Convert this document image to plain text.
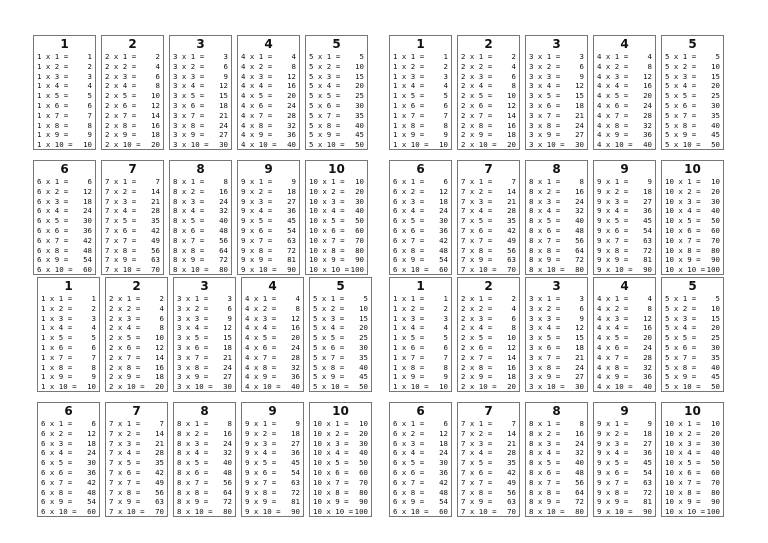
1
1 x 1 =	1
1 x 2 =	2
1 x 3 =	3
1 x 4 =	4
1 x 5 =	5
1 x 6 =	6
1 x 7 =	7
1 x 8 =	8
1 x 9 =	9
1 x 10 = 10
2
2 x 1 =	2
2 x 2 =	4
2 x 3 =	6
2 x 4 =	8
2 x 5 = 10
2 x 6 = 12
2 x 7 = 14
2 x 8 = 16
2 x 9 = 18
2 x 10 = 20
3
3 x 1 =	3
3 x 2 =	6
3 x 3 =	9
3 x 4 = 12
3 x 5 = 15
3 x 6 = 18
3 x 7 = 21
3 x 8 = 24
3 x 9 = 27
3 x 10 = 30
4
4 x 1 =	4
4 x 2 =	8
4 x 3 = 12
4 x 4 = 16
4 x 5 = 20
4 x 6 = 24
4 x 7 = 28
4 x 8 = 32
4 x 9 = 36
4 x 10 = 40
5
5 x 1 =	5
5 x 2 = 10
5 x 3 = 15
5 x 4 = 20
5 x 5 = 25
5 x 6 = 30
5 x 7 = 35
5 x 8 = 40
5 x 9 = 45
5 x 10 = 50
6
6 x 1 =	6
6 x 2 = 12
6 x 3 = 18
6 x 4 = 24
6 x 5 = 30
6 x 6 = 36
6 x 7 = 42
6 x 8 = 48
6 x 9 = 54
6 x 10 = 60
7
7 x 1 =	7
7 x 2 = 14
7 x 3 = 21
7 x 4 = 28
7 x 5 = 35
7 x 6 = 42
7 x 7 = 49
7 x 8 = 56
7 x 9 = 63
7 x 10 = 70
8
8 x 1 =	8
8 x 2 = 16
8 x 3 = 24
8 x 4 = 32
8 x 5 = 40
8 x 6 = 48
8 x 7 = 56
8 x 8 = 64
8 x 9 = 72
8 x 10 = 80
9
9 x 1 =	9
9 x 2 = 18
9 x 3 = 27
9 x 4 = 36
9 x 5 = 45
9 x 6 = 54
9 x 7 = 63
9 x 8 = 72
9 x 9 = 81
9 x 10 = 90
10
10 x 1 = 10
10 x 2 = 20
10 x 3 = 30
10 x 4 = 40
10 x 5 = 50
10 x 6 = 60
10 x 7 = 70
10 x 8 = 80
10 x 9 = 90
10 x 10 = 100
1
1 x 1 =	1
1 x 2 =	2
1 x 3 =	3
1 x 4 =	4
1 x 5 =	5
1 x 6 =	6
1 x 7 =	7
1 x 8 =	8
1 x 9 =	9
1 x 10 = 10
2
2 x 1 =	2
2 x 2 =	4
2 x 3 =	6
2 x 4 =	8
2 x 5 = 10
2 x 6 = 12
2 x 7 = 14
2 x 8 = 16
2 x 9 = 18
2 x 10 = 20
3
3 x 1 =	3
3 x 2 =	6
3 x 3 =	9
3 x 4 = 12
3 x 5 = 15
3 x 6 = 18
3 x 7 = 21
3 x 8 = 24
3 x 9 = 27
3 x 10 = 30
4
4 x 1 =	4
4 x 2 =	8
4 x 3 = 12
4 x 4 = 16
4 x 5 = 20
4 x 6 = 24
4 x 7 = 28
4 x 8 = 32
4 x 9 = 36
4 x 10 = 40
5
5 x 1 =	5
5 x 2 = 10
5 x 3 = 15
5 x 4 = 20
5 x 5 = 25
5 x 6 = 30
5 x 7 = 35
5 x 8 = 40
5 x 9 = 45
5 x 10 = 50
6
6 x 1 =	6
6 x 2 = 12
6 x 3 = 18
6 x 4 = 24
6 x 5 = 30
6 x 6 = 36
6 x 7 = 42
6 x 8 = 48
6 x 9 = 54
6 x 10 = 60
7
7 x 1 =	7
7 x 2 = 14
7 x 3 = 21
7 x 4 = 28
7 x 5 = 35
7 x 6 = 42
7 x 7 = 49
7 x 8 = 56
7 x 9 = 63
7 x 10 = 70
8
8 x 1 =	8
8 x 2 = 16
8 x 3 = 24
8 x 4 = 32
8 x 5 = 40
8 x 6 = 48
8 x 7 = 56
8 x 8 = 64
8 x 9 = 72
8 x 10 = 80
9
9 x 1 =	9
9 x 2 = 18
9 x 3 = 27
9 x 4 = 36
9 x 5 = 45
9 x 6 = 54
9 x 7 = 63
9 x 8 = 72
9 x 9 = 81
9 x 10 = 90
10
10 x 1 = 10
10 x 2 = 20
10 x 3 = 30
10 x 4 = 40
10 x 5 = 50
10 x 6 = 60
10 x 7 = 70
10 x 8 = 80
10 x 9 = 90
10 x 10 = 100
1
1 x 1 =	1
1 x 2 =	2
1 x 3 =	3
1 x 4 =	4
1 x 5 =	5
1 x 6 =	6
1 x 7 =	7
1 x 8 =	8
1 x 9 =	9
1 x 10 = 10
2
2 x 1 =	2
2 x 2 =	4
2 x 3 =	6
2 x 4 =	8
2 x 5 = 10
2 x 6 = 12
2 x 7 = 14
2 x 8 = 16
2 x 9 = 18
2 x 10 = 20
3
3 x 1 =	3
3 x 2 =	6
3 x 3 =	9
3 x 4 = 12
3 x 5 = 15
3 x 6 = 18
3 x 7 = 21
3 x 8 = 24
3 x 9 = 27
3 x 10 = 30
4
4 x 1 =	4
4 x 2 =	8
4 x 3 = 12
4 x 4 = 16
4 x 5 = 20
4 x 6 = 24
4 x 7 = 28
4 x 8 = 32
4 x 9 = 36
4 x 10 = 40
5
5 x 1 =	5
5 x 2 = 10
5 x 3 = 15
5 x 4 = 20
5 x 5 = 25
5 x 6 = 30
5 x 7 = 35
5 x 8 = 40
5 x 9 = 45
5 x 10 = 50
6
6 x 1 =	6
6 x 2 = 12
6 x 3 = 18
6 x 4 = 24
6 x 5 = 30
6 x 6 = 36
6 x 7 = 42
6 x 8 = 48
6 x 9 = 54
6 x 10 = 60
7
7 x 1 =	7
7 x 2 = 14
7 x 3 = 21
7 x 4 = 28
7 x 5 = 35
7 x 6 = 42
7 x 7 = 49
7 x 8 = 56
7 x 9 = 63
7 x 10 = 70
8
8 x 1 =	8
8 x 2 = 16
8 x 3 = 24
8 x 4 = 32
8 x 5 = 40
8 x 6 = 48
8 x 7 = 56
8 x 8 = 64
8 x 9 = 72
8 x 10 = 80
9
9 x 1 =	9
9 x 2 = 18
9 x 3 = 27
9 x 4 = 36
9 x 5 = 45
9 x 6 = 54
9 x 7 = 63
9 x 8 = 72
9 x 9 = 81
9 x 10 = 90
10
10 x 1 = 10
10 x 2 = 20
10 x 3 = 30
10 x 4 = 40
10 x 5 = 50
10 x 6 = 60
10 x 7 = 70
10 x 8 = 80
10 x 9 = 90
10 x 10 = 100
1
1 x 1 =	1
1 x 2 =	2
1 x 3 =	3
1 x 4 =	4
1 x 5 =	5
1 x 6 =	6
1 x 7 =	7
1 x 8 =	8
1 x 9 =	9
1 x 10 = 10
2
2 x 1 =	2
2 x 2 =	4
2 x 3 =	6
2 x 4 =	8
2 x 5 = 10
2 x 6 = 12
2 x 7 = 14
2 x 8 = 16
2 x 9 = 18
2 x 10 = 20
3
3 x 1 =	3
3 x 2 =	6
3 x 3 =	9
3 x 4 = 12
3 x 5 = 15
3 x 6 = 18
3 x 7 = 21
3 x 8 = 24
3 x 9 = 27
3 x 10 = 30
4
4 x 1 =	4
4 x 2 =	8
4 x 3 = 12
4 x 4 = 16
4 x 5 = 20
4 x 6 = 24
4 x 7 = 28
4 x 8 = 32
4 x 9 = 36
4 x 10 = 40
5
5 x 1 =	5
5 x 2 = 10
5 x 3 = 15
5 x 4 = 20
5 x 5 = 25
5 x 6 = 30
5 x 7 = 35
5 x 8 = 40
5 x 9 = 45
5 x 10 = 50
6
6 x 1 =	6
6 x 2 = 12
6 x 3 = 18
6 x 4 = 24
6 x 5 = 30
6 x 6 = 36
6 x 7 = 42
6 x 8 = 48
6 x 9 = 54
6 x 10 = 60
7
7 x 1 =	7
7 x 2 = 14
7 x 3 = 21
7 x 4 = 28
7 x 5 = 35
7 x 6 = 42
7 x 7 = 49
7 x 8 = 56
7 x 9 = 63
7 x 10 = 70
8
8 x 1 =	8
8 x 2 = 16
8 x 3 = 24
8 x 4 = 32
8 x 5 = 40
8 x 6 = 48
8 x 7 = 56
8 x 8 = 64
8 x 9 = 72
8 x 10 = 80
9
9 x 1 =	9
9 x 2 = 18
9 x 3 = 27
9 x 4 = 36
9 x 5 = 45
9 x 6 = 54
9 x 7 = 63
9 x 8 = 72
9 x 9 = 81
9 x 10 = 90
10
10 x 1 = 10
10 x 2 = 20
10 x 3 = 30
10 x 4 = 40
10 x 5 = 50
10 x 6 = 60
10 x 7 = 70
10 x 8 = 80
10 x 9 = 90
10 x 10 = 100
